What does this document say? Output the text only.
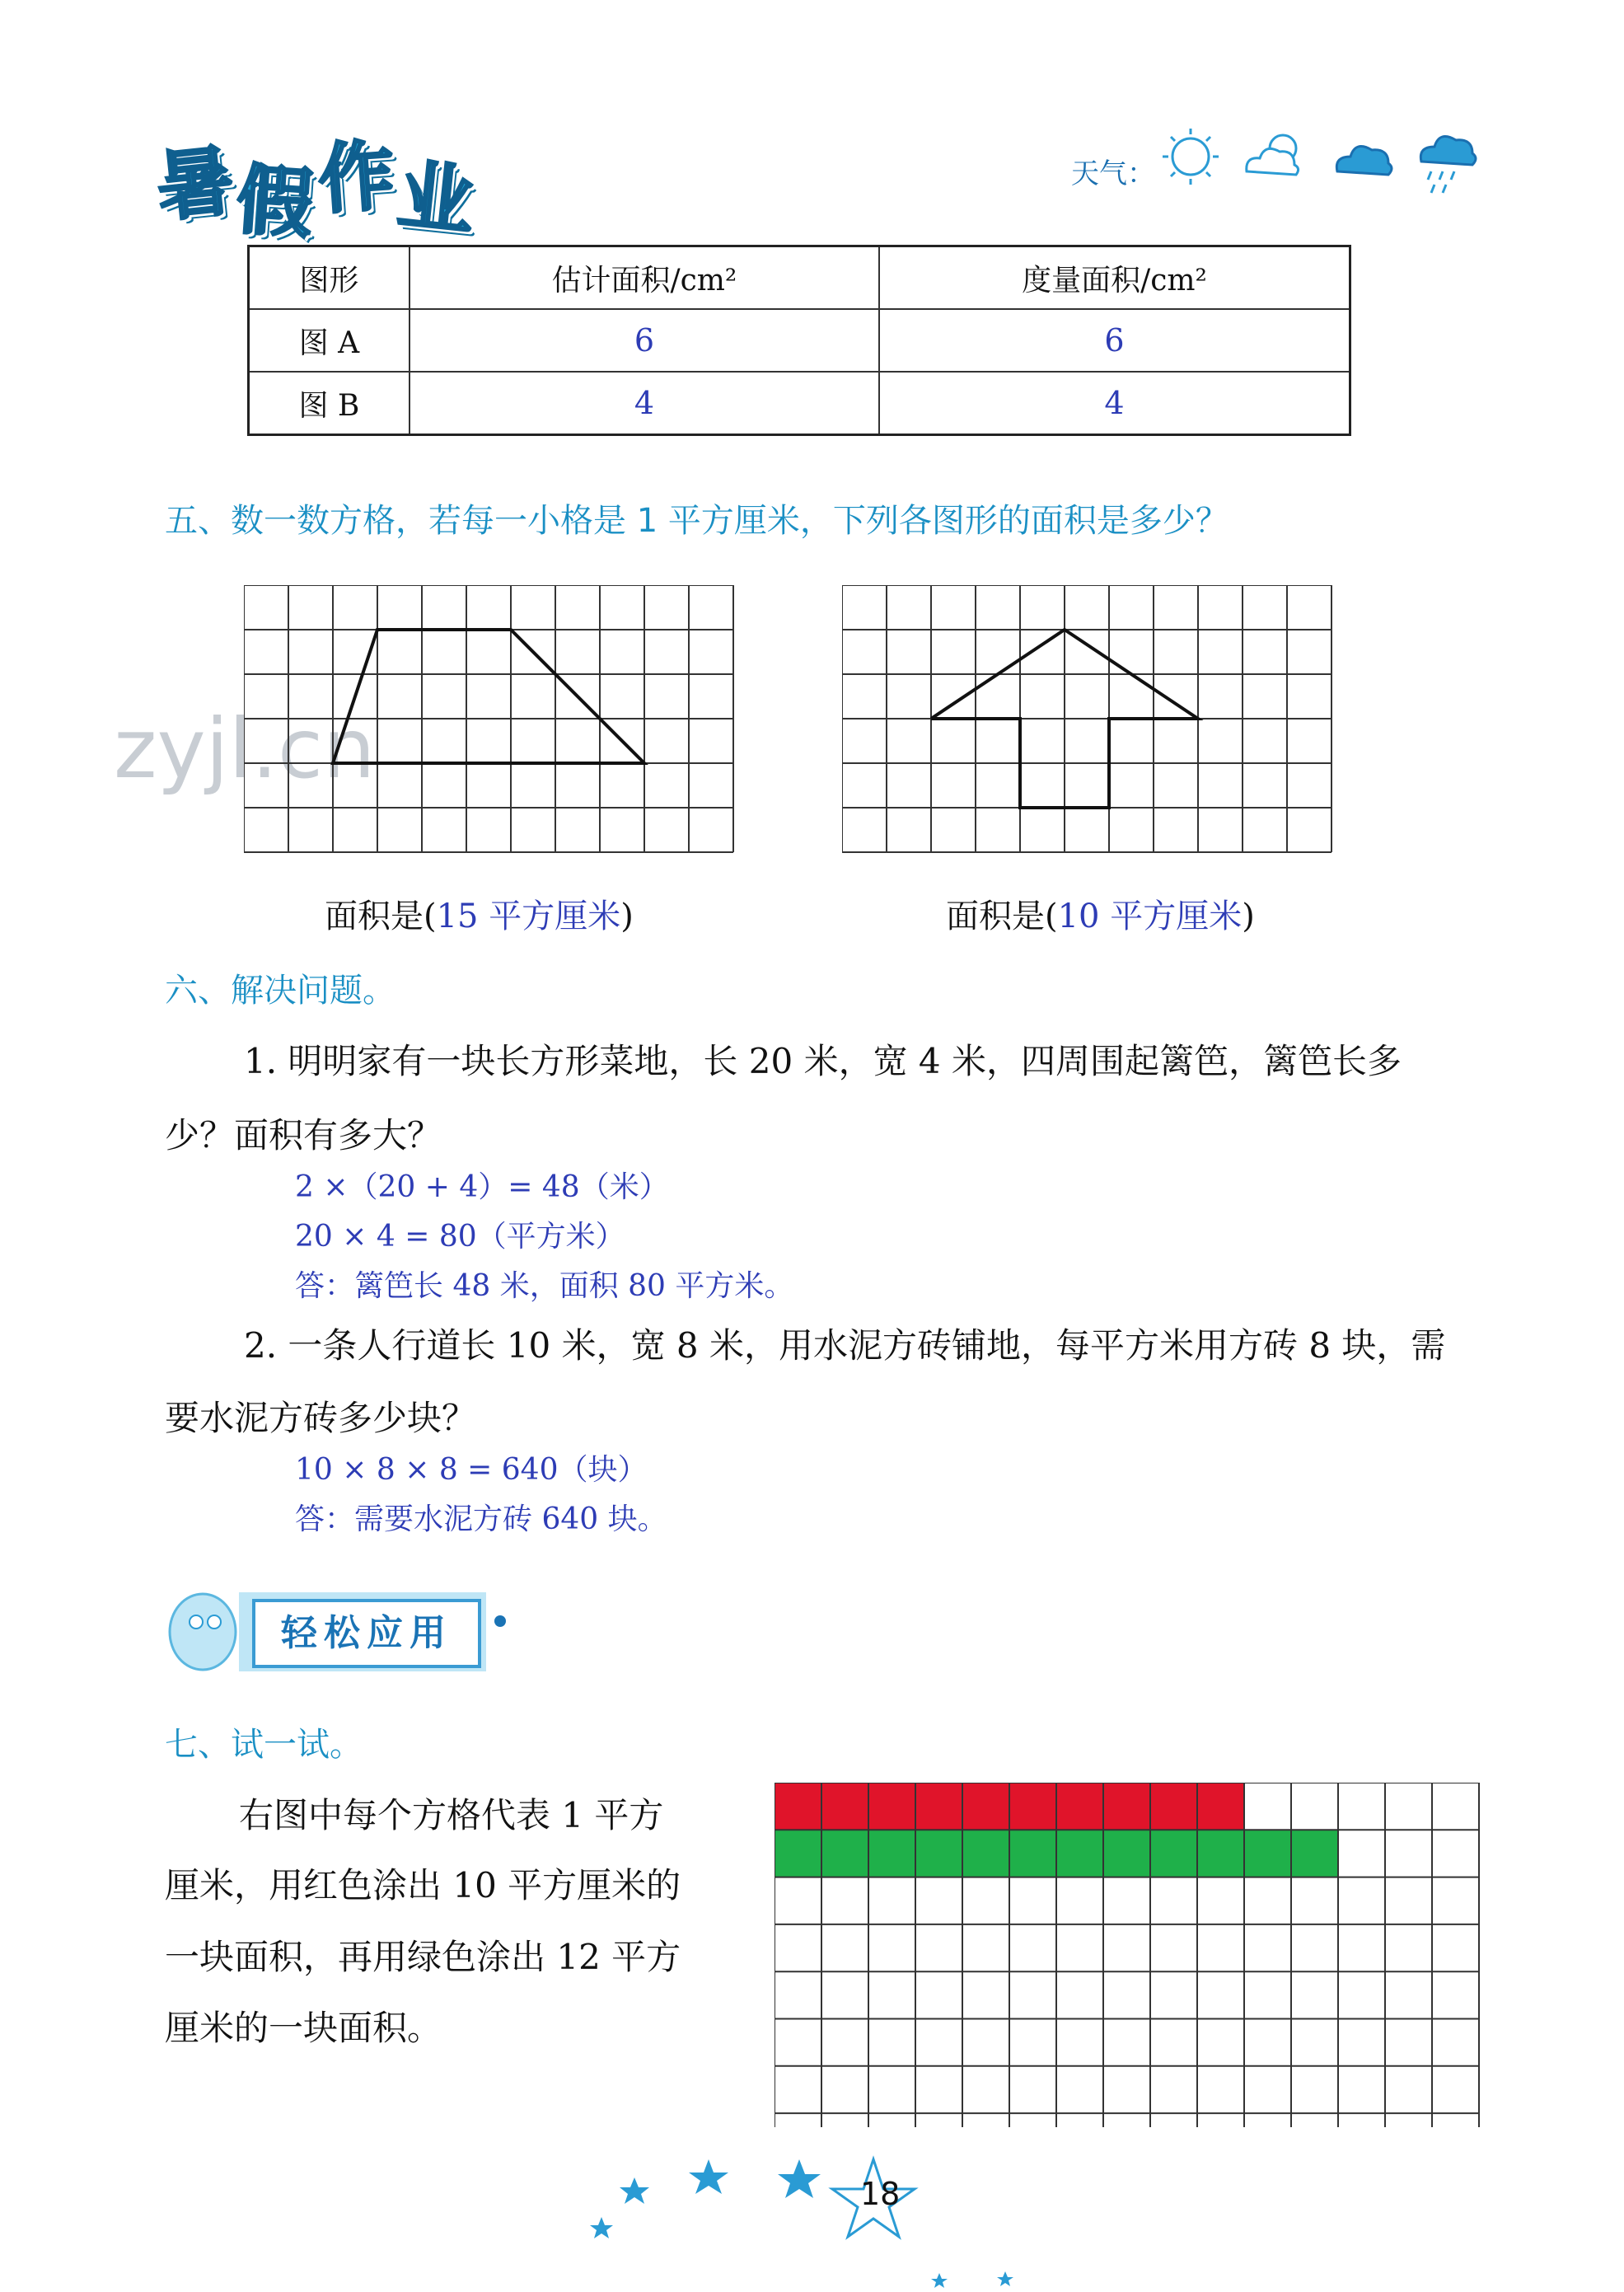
暑假作业	天气：
图形	估计面积/cm²	度量面积/cm²
图 A	6	6
图 B	4	4
五、数一数方格，若每一小格是 1 平方厘米，下列各图形的面积是多少？
zyjl.cn
面积是(15 平方厘米)	面积是(10 平方厘米)
六、解决问题。
1. 明明家有一块长方形菜地，长 20 米，宽 4 米，四周围起篱笆，篱笆长多
少？面积有多大？
2 ×（20 + 4）= 48（米）
20 × 4 = 80（平方米）
答：篱笆长 48 米，面积 80 平方米。
2. 一条人行道长 10 米，宽 8 米，用水泥方砖铺地，每平方米用方砖 8 块，需
要水泥方砖多少块？
10 × 8 × 8 = 640（块）
答：需要水泥方砖 640 块。
轻松应用
七、试一试。
右图中每个方格代表 1 平方
厘米，用红色涂出 10 平方厘米的
一块面积，再用绿色涂出 12 平方
厘米的一块面积。
18
